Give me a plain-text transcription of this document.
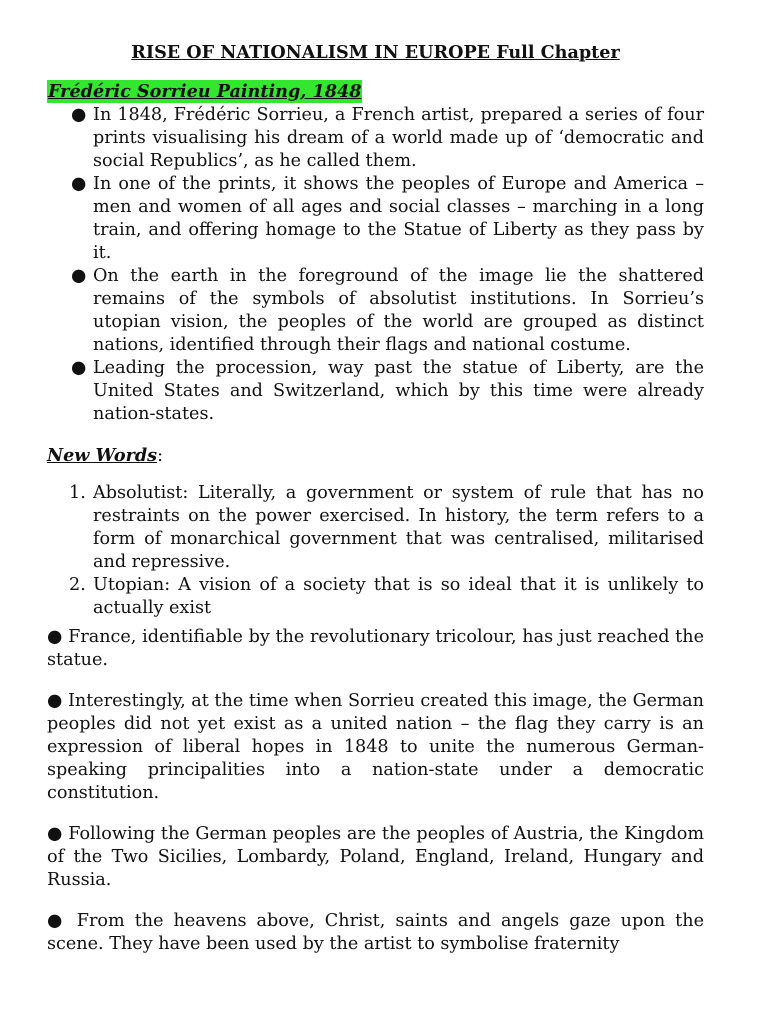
RISE OF NATIONALISM IN EUROPE Full Chapter
Frédéric Sorrieu Painting, 1848
● In 1848, Frédéric Sorrieu, a French artist, prepared a series of four prints visualising his dream of a world made up of ‘democratic and social Republics’, as he called them.
● In one of the prints, it shows the peoples of Europe and America – men and women of all ages and social classes – marching in a long train, and offering homage to the Statue of Liberty as they pass by it.
● On the earth in the foreground of the image lie the shattered remains of the symbols of absolutist institutions. In Sorrieu’s utopian vision, the peoples of the world are grouped as distinct nations, identified through their flags and national costume.
● Leading the procession, way past the statue of Liberty, are the United States and Switzerland, which by this time were already nation-states.
New Words:
1. Absolutist: Literally, a government or system of rule that has no restraints on the power exercised. In history, the term refers to a form of monarchical government that was centralised, militarised and repressive.
2. Utopian: A vision of a society that is so ideal that it is unlikely to actually exist

● France, identifiable by the revolutionary tricolour, has just reached the statue.

● Interestingly, at the time when Sorrieu created this image, the German peoples did not yet exist as a united nation – the flag they carry is an expression of liberal hopes in 1848 to unite the numerous German-speaking principalities into a nation-state under a democratic constitution.

● Following the German peoples are the peoples of Austria, the Kingdom of the Two Sicilies, Lombardy, Poland, England, Ireland, Hungary and Russia.

● From the heavens above, Christ, saints and angels gaze upon the scene. They have been used by the artist to symbolise fraternity
